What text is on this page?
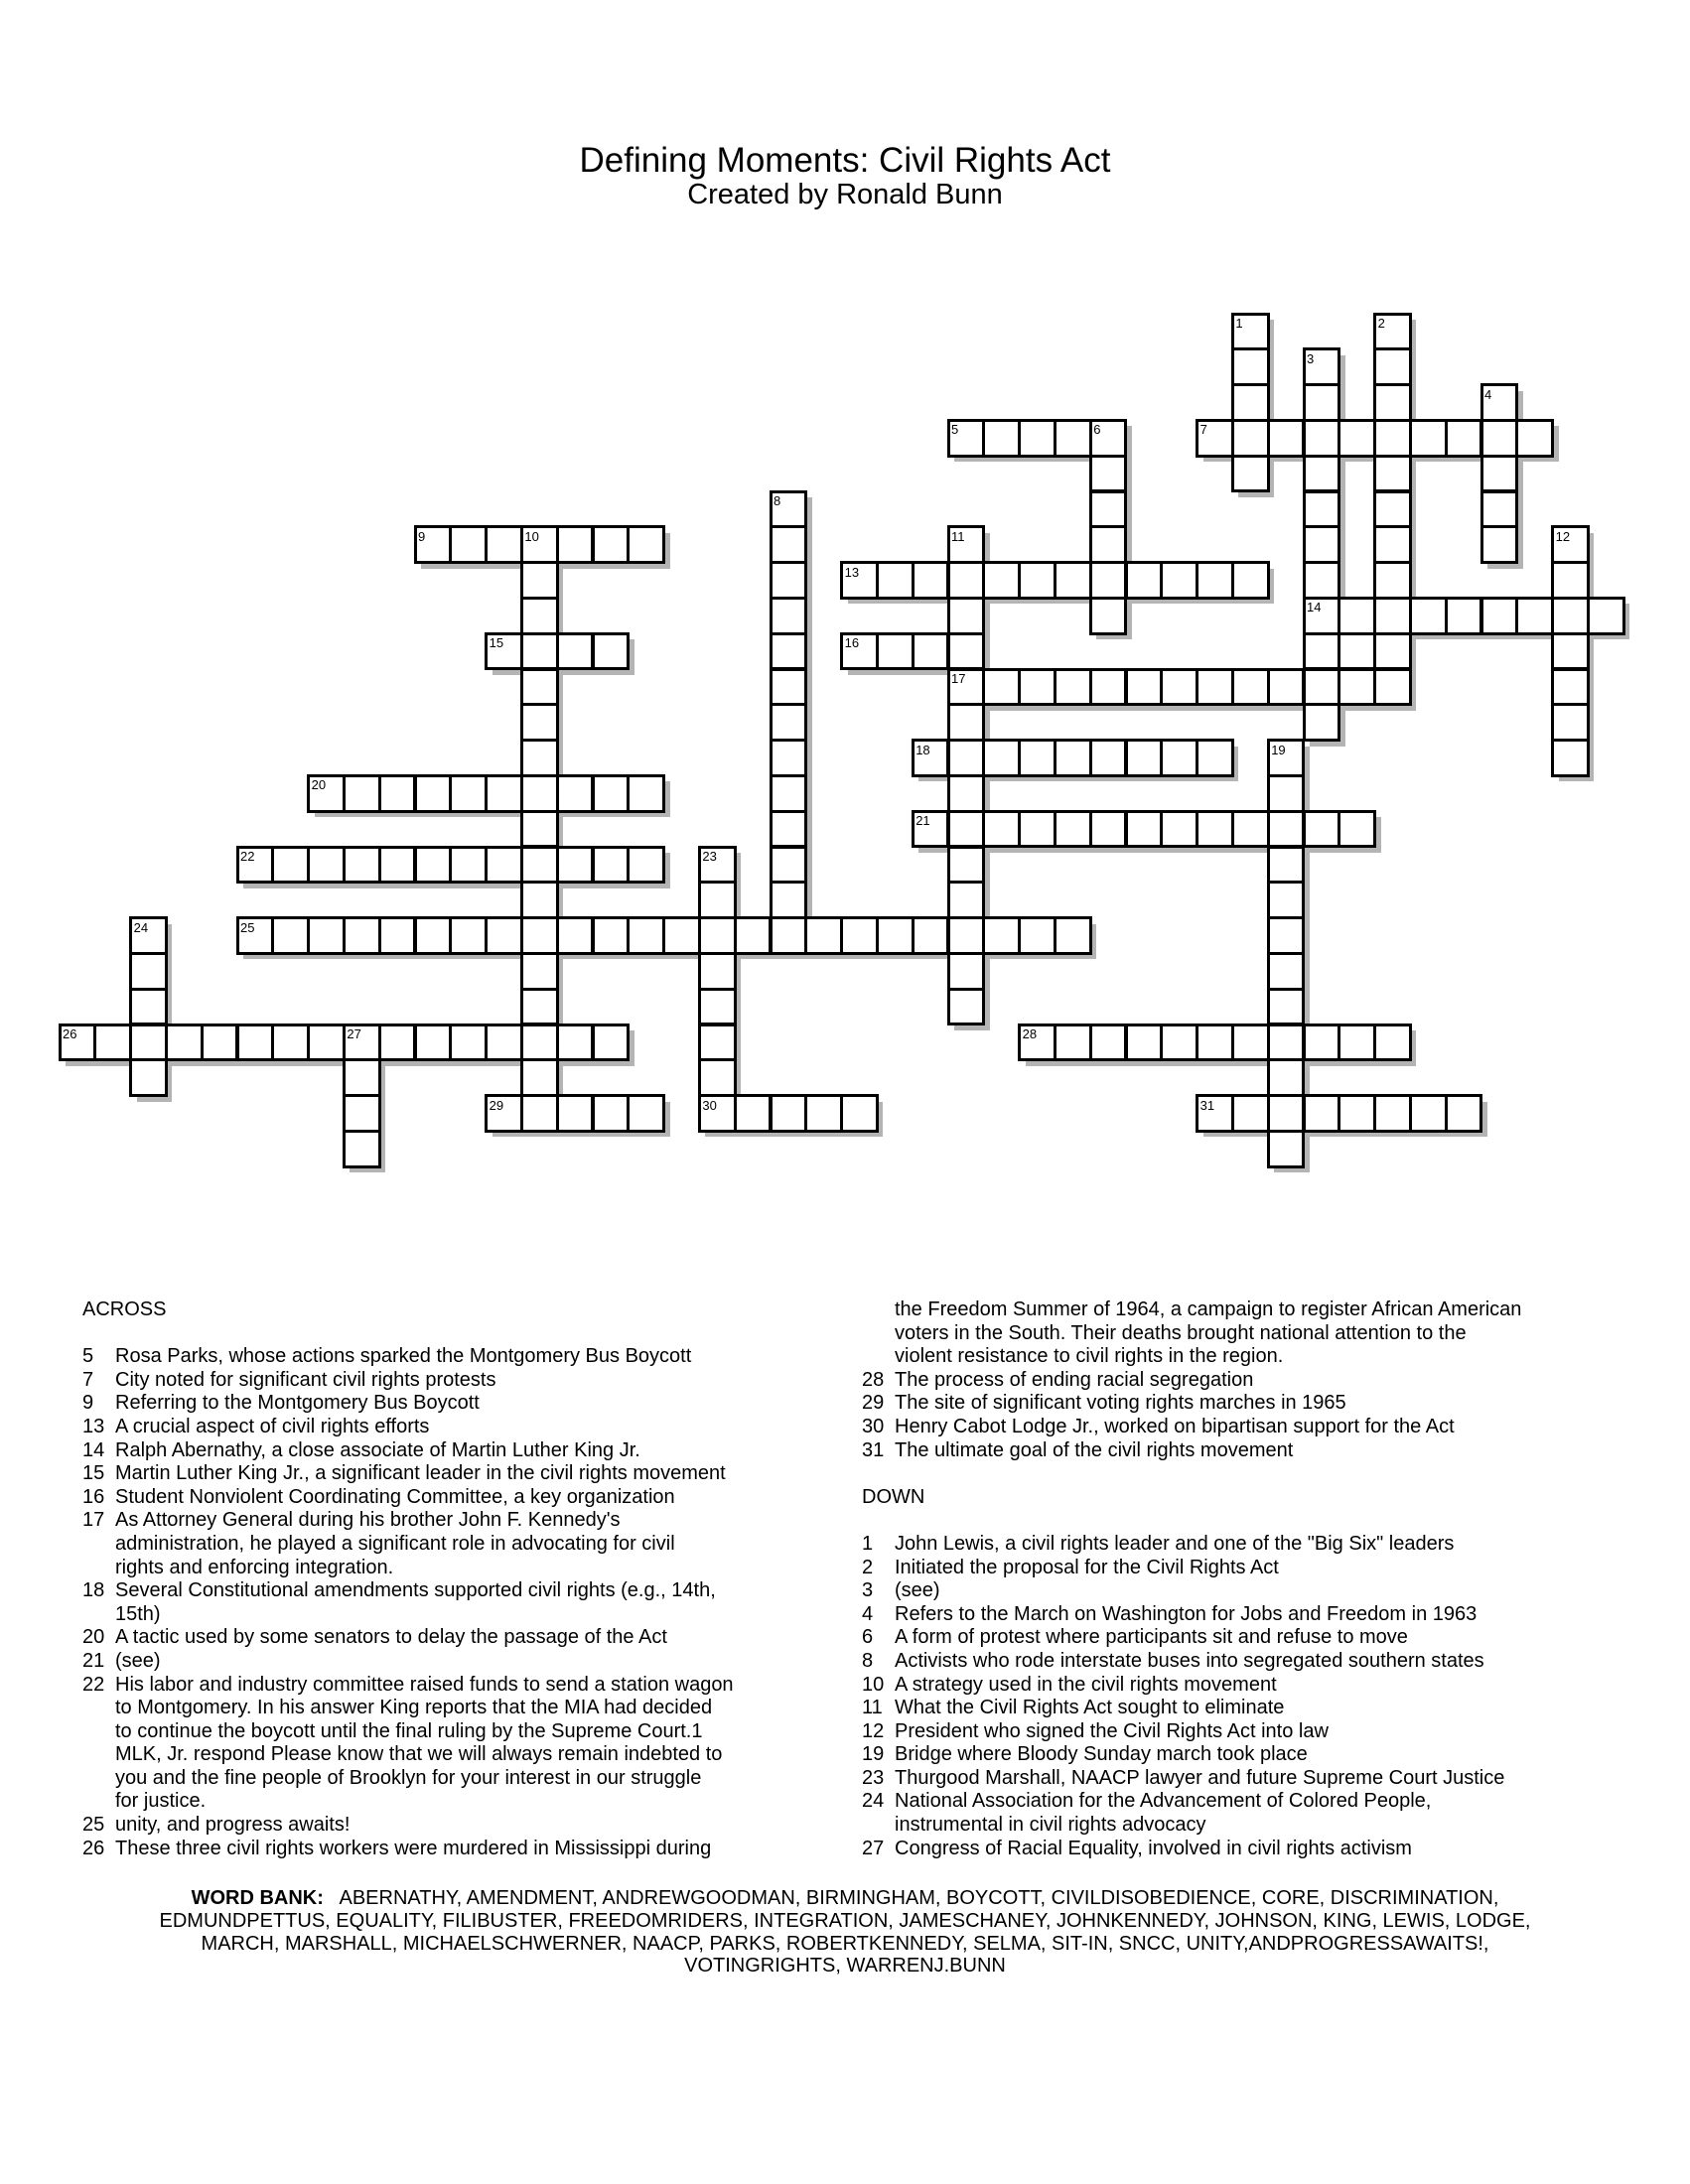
Defining Moments: Civil Rights Act
Created by Ronald Bunn
5	6	7
9	10
13
14
15	16
17
18
20
21
22
25
26	27	28
29	30	31
1	2
3
4
8
11	12
19
23
24
ACROSS
5	Rosa Parks, whose actions sparked the Montgomery Bus Boycott
7	City noted for significant civil rights protests
9	Referring to the Montgomery Bus Boycott
13 A crucial aspect of civil rights efforts
14 Ralph Abernathy, a close associate of Martin Luther King Jr.
15 Martin Luther King Jr., a significant leader in the civil rights movement
16 Student Nonviolent Coordinating Committee, a key organization
17 As Attorney General during his brother John F. Kennedy's
administration, he played a significant role in advocating for civil
rights and enforcing integration.
18 Several Constitutional amendments supported civil rights (e.g., 14th,
15th)
20 A tactic used by some senators to delay the passage of the Act
21 (see)
22 His labor and industry committee raised funds to send a station wagon
to Montgomery. In his answer King reports that the MIA had decided
to continue the boycott until the final ruling by the Supreme Court.1
MLK, Jr. respond Please know that we will always remain indebted to
you and the fine people of Brooklyn for your interest in our struggle
for justice.
25 unity, and progress awaits!
26 These three civil rights workers were murdered in Mississippi during
the Freedom Summer of 1964, a campaign to register African American
voters in the South. Their deaths brought national attention to the
violent resistance to civil rights in the region.
28 The process of ending racial segregation
29 The site of significant voting rights marches in 1965
30 Henry Cabot Lodge Jr., worked on bipartisan support for the Act
31 The ultimate goal of the civil rights movement
DOWN
1	John Lewis, a civil rights leader and one of the "Big Six" leaders
2	Initiated the proposal for the Civil Rights Act
3	(see)
4	Refers to the March on Washington for Jobs and Freedom in 1963
6	A form of protest where participants sit and refuse to move
8	Activists who rode interstate buses into segregated southern states
10 A strategy used in the civil rights movement
11 What the Civil Rights Act sought to eliminate
12 President who signed the Civil Rights Act into law
19 Bridge where Bloody Sunday march took place
23 Thurgood Marshall, NAACP lawyer and future Supreme Court Justice
24 National Association for the Advancement of Colored People,
instrumental in civil rights advocacy
27 Congress of Racial Equality, involved in civil rights activism
WORD BANK: ABERNATHY, AMENDMENT, ANDREWGOODMAN, BIRMINGHAM, BOYCOTT, CIVILDISOBEDIENCE, CORE, DISCRIMINATION,
EDMUNDPETTUS, EQUALITY, FILIBUSTER, FREEDOMRIDERS, INTEGRATION, JAMESCHANEY, JOHNKENNEDY, JOHNSON, KING, LEWIS, LODGE,
MARCH, MARSHALL, MICHAELSCHWERNER, NAACP, PARKS, ROBERTKENNEDY, SELMA, SIT-IN, SNCC, UNITY,ANDPROGRESSAWAITS!,
VOTINGRIGHTS, WARRENJ.BUNN
